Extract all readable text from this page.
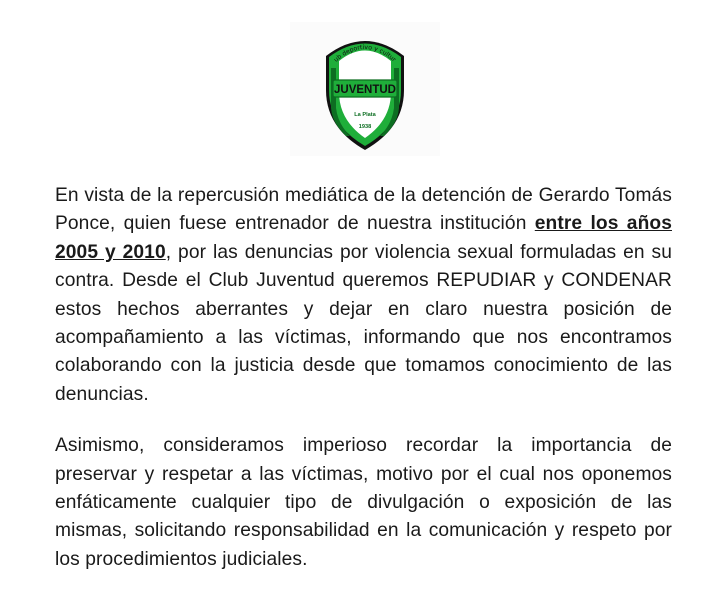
ub deportivo y cultur
JUVENTUD
La Plata
1938

En vista de la repercusión mediática de la detención de Gerardo Tomás Ponce, quien fuese entrenador de nuestra institución entre los años 2005 y 2010, por las denuncias por violencia sexual formuladas en su contra. Desde el Club Juventud queremos REPUDIAR y CONDENAR estos hechos aberrantes y dejar en claro nuestra posición de acompañamiento a las víctimas, informando que nos encontramos colaborando con la justicia desde que tomamos conocimiento de las denuncias.

Asimismo, consideramos imperioso recordar la importancia de preservar y respetar a las víctimas, motivo por el cual nos oponemos enfáticamente cualquier tipo de divulgación o exposición de las mismas, solicitando responsabilidad en la comunicación y respeto por los procedimientos judiciales.
